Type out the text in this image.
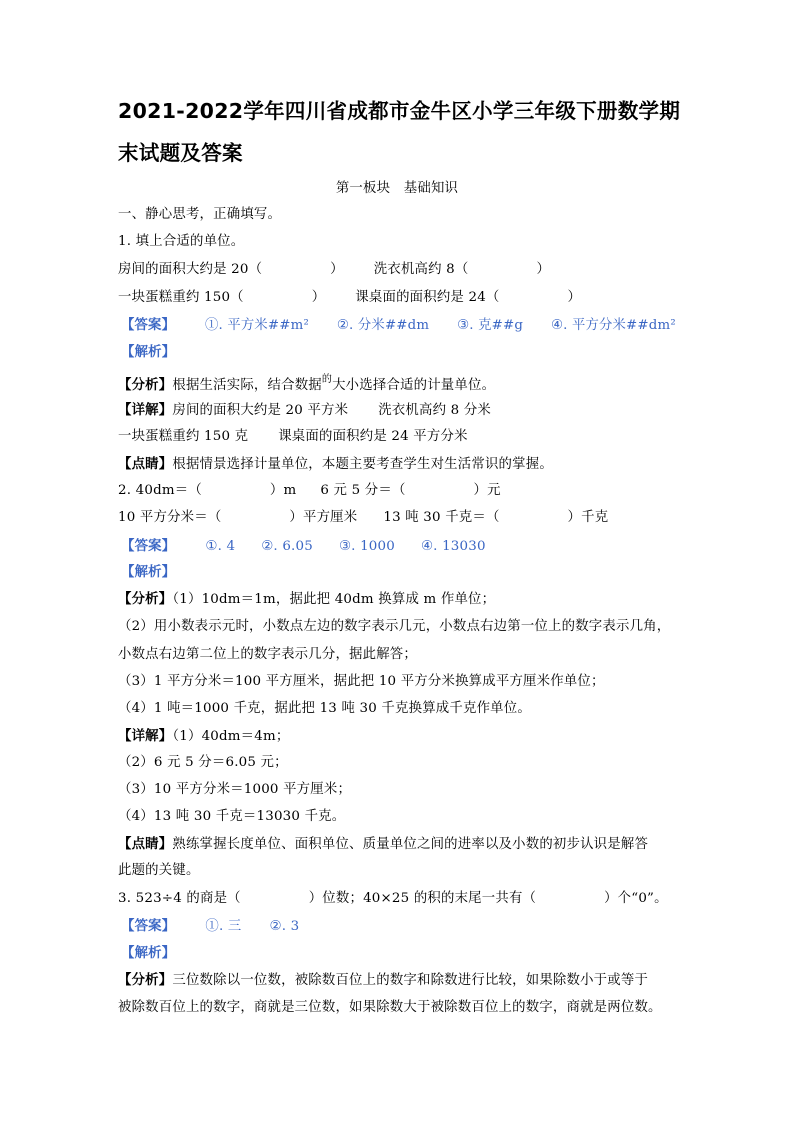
2021-2022学年四川省成都市金牛区小学三年级下册数学期
末试题及答案
第一板块　基础知识
一、静心思考，正确填写。
1. 填上合适的单位。
房间的面积大约是 20（　　　　　） 洗衣机高约 8（　　　　　）
一块蛋糕重约 150（　　　　　） 课桌面的面积约是 24（　　　　　）
【答案】 ①. 平方米##m² ②. 分米##dm ③. 克##g ④. 平方分米##dm²
【解析】
【分析】根据生活实际，结合数据$^的$大小选择合适的计量单位。
【详解】房间的面积大约是 20 平方米 洗衣机高约 8 分米
一块蛋糕重约 150 克 课桌面的面积约是 24 平方分米
【点睛】根据情景选择计量单位，本题主要考查学生对生活常识的掌握。
2. 40dm＝（　　　　　）m 6 元 5 分＝（　　　　　）元
10 平方分米＝（　　　　　）平方厘米 13 吨 30 千克＝（　　　　　）千克
【答案】 ①. 4 ②. 6.05 ③. 1000 ④. 13030
【解析】
【分析】（1）10dm＝1m，据此把 40dm 换算成 m 作单位；
（2）用小数表示元时，小数点左边的数字表示几元，小数点右边第一位上的数字表示几角，
小数点右边第二位上的数字表示几分，据此解答；
（3）1 平方分米＝100 平方厘米，据此把 10 平方分米换算成平方厘米作单位；
（4）1 吨＝1000 千克，据此把 13 吨 30 千克换算成千克作单位。
【详解】（1）40dm＝4m；
（2）6 元 5 分＝6.05 元；
（3）10 平方分米＝1000 平方厘米；
（4）13 吨 30 千克＝13030 千克。
【点睛】熟练掌握长度单位、面积单位、质量单位之间的进率以及小数的初步认识是解答
此题的关键。
3. 523÷4 的商是（　　　　　）位数；40×25 的积的末尾一共有（　　　　　）个“0”。
【答案】 ①. 三 ②. 3
【解析】
【分析】三位数除以一位数，被除数百位上的数字和除数进行比较，如果除数小于或等于
被除数百位上的数字，商就是三位数，如果除数大于被除数百位上的数字，商就是两位数。
